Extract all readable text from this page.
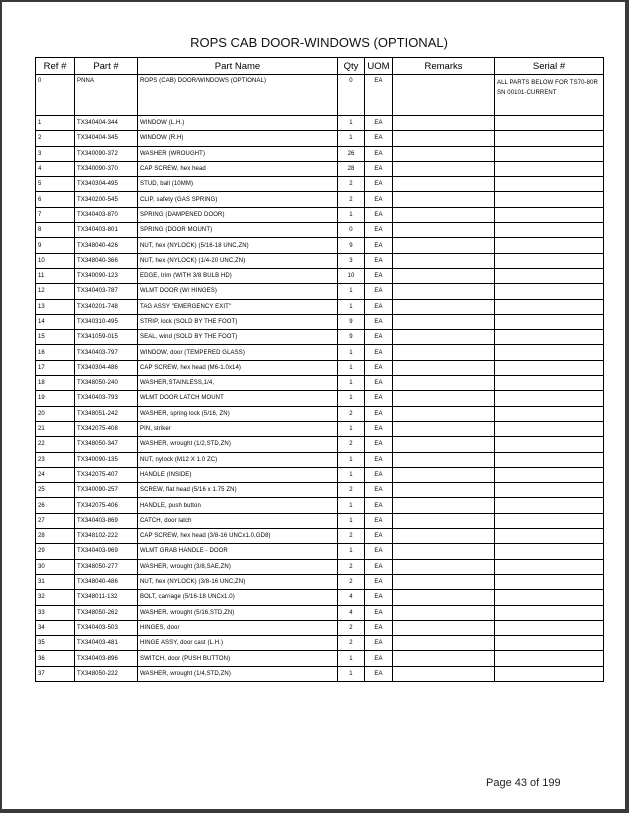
ROPS CAB DOOR-WINDOWS (OPTIONAL)
Ref #	Part #	Part Name	Qty	UOM	Remarks	Serial #
0	PNNA	ROPS (CAB) DOOR/WINDOWS (OPTIONAL)	0	EA		ALL PARTS BELOW FOR TS70-80R SN 00101-CURRENT
1	TX340404-344	WINDOW (L.H.)	1	EA		
2	TX340404-345	WINDOW (R.H)	1	EA		
3	TX340090-372	WASHER (WROUGHT)	26	EA		
4	TX340090-370	CAP SCREW, hex head	28	EA		
5	TX340304-495	STUD, ball (10MM)	2	EA		
6	TX340200-545	CLIP, safety (GAS SPRING)	2	EA		
7	TX340403-870	SPRING (DAMPENED DOOR)	1	EA		
8	TX340403-801	SPRING (DOOR MOUNT)	0	EA		
9	TX348040-426	NUT, hex (NYLOCK) (5/16-18 UNC,ZN)	9	EA		
10	TX348040-366	NUT, hex (NYLOCK) (1/4-20 UNC,ZN)	3	EA		
11	TX340090-123	EDGE, trim (WITH 3/8 BULB HD)	10	EA		
12	TX340403-787	WLMT DOOR (W/ HINGES)	1	EA		
13	TX340201-748	TAG ASSY "EMERGENCY EXIT"	1	EA		
14	TX340310-495	STRIP, lock (SOLD BY THE FOOT)	9	EA		
15	TX341059-015	SEAL, wind (SOLD BY THE FOOT)	9	EA		
16	TX340403-797	WINDOW, door (TEMPERED GLASS)	1	EA		
17	TX340304-486	CAP SCREW, hex head (M6-1.0x14)	1	EA		
18	TX348050-240	WASHER,STAINLESS,1/4,	1	EA		
19	TX340403-793	WLMT DOOR LATCH MOUNT	1	EA		
20	TX348051-242	WASHER, spring lock (5/16, ZN)	2	EA		
21	TX342075-408	PIN, striker	1	EA		
22	TX348050-347	WASHER, wrought (1/2,STD,ZN)	2	EA		
23	TX340090-135	NUT, nylock (M12 X 1.0 ZC)	1	EA		
24	TX342075-407	HANDLE (INSIDE)	1	EA		
25	TX340090-257	SCREW, flat head (5/16 x 1.75 ZN)	2	EA		
26	TX342075-406	HANDLE, push button	1	EA		
27	TX340403-869	CATCH, door latch	1	EA		
28	TX348102-222	CAP SCREW, hex head (3/8-16 UNCx1.0,GD8)	2	EA		
29	TX340403-969	WLMT GRAB HANDLE - DOOR	1	EA		
30	TX348050-277	WASHER, wrought (3/8,SAE,ZN)	2	EA		
31	TX348040-486	NUT, hex (NYLOCK) (3/8-16 UNC,ZN)	2	EA		
32	TX348011-132	BOLT, carriage (5/16-18 UNCx1.0)	4	EA		
33	TX348050-262	WASHER, wrought (5/16,STD,ZN)	4	EA		
34	TX340403-503	HINGES, door	2	EA		
35	TX340403-481	HINGE ASSY, door cast (L.H.)	2	EA		
36	TX340403-896	SWITCH, door (PUSH BUTTON)	1	EA		
37	TX348050-222	WASHER, wrought (1/4,STD,ZN)	1	EA		
Page 43 of 199
